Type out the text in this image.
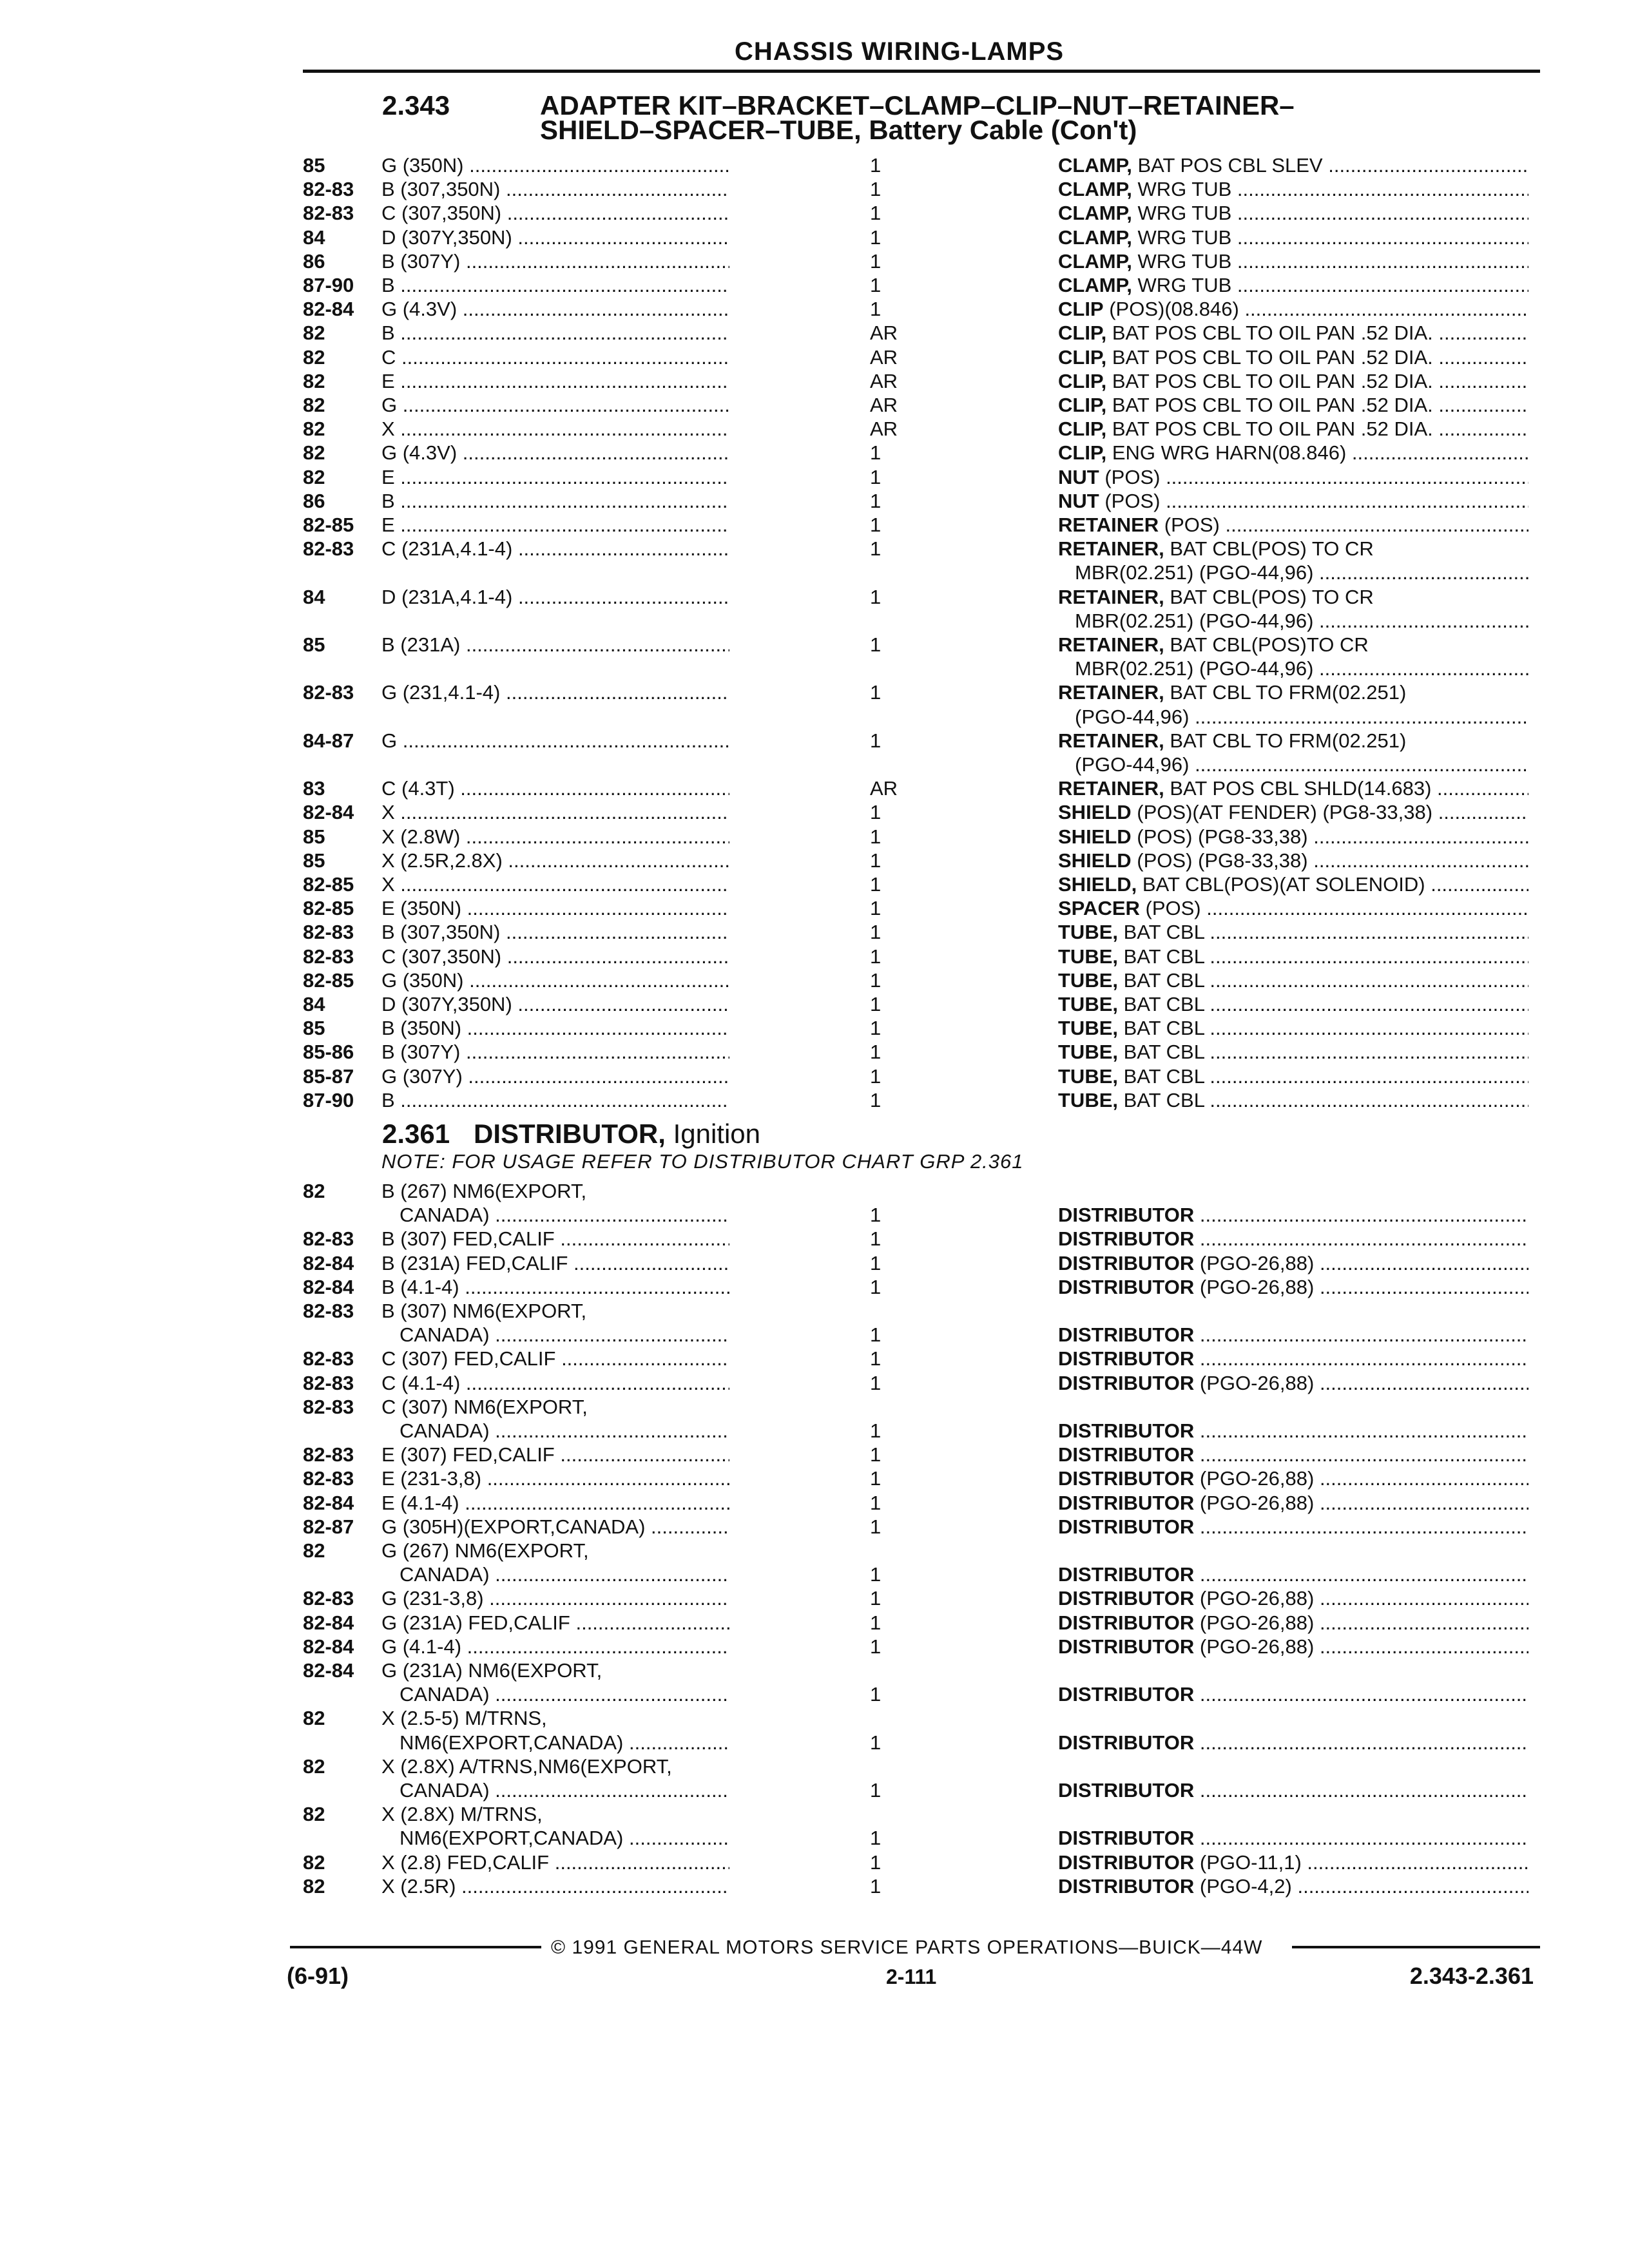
CHASSIS WIRING-LAMPS
2.343	ADAPTER KIT–BRACKET–CLAMP–CLIP–NUT–RETAINER–
SHIELD–SPACER–TUBE, Battery Cable (Con't)
2.361 DISTRIBUTOR, Ignition
NOTE: FOR USAGE REFER TO DISTRIBUTOR CHART GRP 2.361
85	G (350N) .....	1	CLAMP, BAT POS CBL SLEV .....
82-83 B (307,350N) .....	1	CLAMP, WRG TUB .....
82-83 C (307,350N) .....	1	CLAMP, WRG TUB .....
84	D (307Y,350N) .....	1	CLAMP, WRG TUB .....
86	B (307Y) .....	1	CLAMP, WRG TUB .....
87-90 B .....	1	CLAMP, WRG TUB .....
82-84 G (4.3V) .....	1	CLIP (POS)(08.846) .....
82	B .....	AR	CLIP, BAT POS CBL TO OIL PAN .52 DIA. .....
82	C .....	AR	CLIP, BAT POS CBL TO OIL PAN .52 DIA. .....
82	E .....	AR	CLIP, BAT POS CBL TO OIL PAN .52 DIA. .....
82	G .....	AR	CLIP, BAT POS CBL TO OIL PAN .52 DIA. .....
82	X .....	AR	CLIP, BAT POS CBL TO OIL PAN .52 DIA. .....
82	G (4.3V) .....	1	CLIP, ENG WRG HARN(08.846) .....
82	E .....	1	NUT (POS) .....
86	B .....	1	NUT (POS) .....
82-85 E .....	1	RETAINER (POS) .....
82-83 C (231A,4.1-4) .....	1	RETAINER, BAT CBL(POS) TO CR
MBR(02.251) (PGO-44,96) .....
84	D (231A,4.1-4) .....	1	RETAINER, BAT CBL(POS) TO CR
MBR(02.251) (PGO-44,96) .....
85	B (231A) .....	1	RETAINER, BAT CBL(POS)TO CR
MBR(02.251) (PGO-44,96) .....
82-83 G (231,4.1-4) .....	1	RETAINER, BAT CBL TO FRM(02.251)
(PGO-44,96) .....
84-87 G .....	1	RETAINER, BAT CBL TO FRM(02.251)
(PGO-44,96) .....
83	C (4.3T) .....	AR	RETAINER, BAT POS CBL SHLD(14.683) .....
82-84 X .....	1	SHIELD (POS)(AT FENDER) (PG8-33,38) .....
85	X (2.8W) .....	1	SHIELD (POS) (PG8-33,38) .....
85	X (2.5R,2.8X) .....	1	SHIELD (POS) (PG8-33,38) .....
82-85 X .....	1	SHIELD, BAT CBL(POS)(AT SOLENOID) .....
82-85 E (350N) .....	1	SPACER (POS) .....
82-83 B (307,350N) .....	1	TUBE, BAT CBL .....
82-83 C (307,350N) .....	1	TUBE, BAT CBL .....
82-85 G (350N) .....	1	TUBE, BAT CBL .....
84	D (307Y,350N) .....	1	TUBE, BAT CBL .....
85	B (350N) .....	1	TUBE, BAT CBL .....
85-86 B (307Y) .....	1	TUBE, BAT CBL .....
85-87 G (307Y) .....	1	TUBE, BAT CBL .....
87-90 B .....	1	TUBE, BAT CBL .....
82	B (267) NM6(EXPORT,
CANADA) .....	1	DISTRIBUTOR .....
82-83 B (307) FED,CALIF .....	1	DISTRIBUTOR .....
82-84 B (231A) FED,CALIF .....	1	DISTRIBUTOR (PGO-26,88) .....
82-84 B (4.1-4) .....	1	DISTRIBUTOR (PGO-26,88) .....
82-83 B (307) NM6(EXPORT,
CANADA) .....	1	DISTRIBUTOR .....
82-83 C (307) FED,CALIF .....	1	DISTRIBUTOR .....
82-83 C (4.1-4) .....	1	DISTRIBUTOR (PGO-26,88) .....
82-83 C (307) NM6(EXPORT,
CANADA) .....	1	DISTRIBUTOR .....
82-83 E (307) FED,CALIF .....	1	DISTRIBUTOR .....
82-83 E (231-3,8) .....	1	DISTRIBUTOR (PGO-26,88) .....
82-84 E (4.1-4) .....	1	DISTRIBUTOR (PGO-26,88) .....
82-87 G (305H)(EXPORT,CANADA) .....	1	DISTRIBUTOR .....
82	G (267) NM6(EXPORT,
CANADA) .....	1	DISTRIBUTOR .....
82-83 G (231-3,8) .....	1	DISTRIBUTOR (PGO-26,88) .....
82-84 G (231A) FED,CALIF .....	1	DISTRIBUTOR (PGO-26,88) .....
82-84 G (4.1-4) .....	1	DISTRIBUTOR (PGO-26,88) .....
82-84 G (231A) NM6(EXPORT,
CANADA) .....	1	DISTRIBUTOR .....
82	X (2.5-5) M/TRNS,
NM6(EXPORT,CANADA) .....	1	DISTRIBUTOR .....
82	X (2.8X) A/TRNS,NM6(EXPORT,
CANADA) .....	1	DISTRIBUTOR .....
82	X (2.8X) M/TRNS,
NM6(EXPORT,CANADA) .....	1	DISTRIBUTOR .....
82	X (2.8) FED,CALIF .....	1	DISTRIBUTOR (PGO-11,1) .....
82	X (2.5R) .....	1	DISTRIBUTOR (PGO-4,2) .....
© 1991 GENERAL MOTORS SERVICE PARTS OPERATIONS—BUICK—44W
(6-91)	2-111	2.343-2.361
